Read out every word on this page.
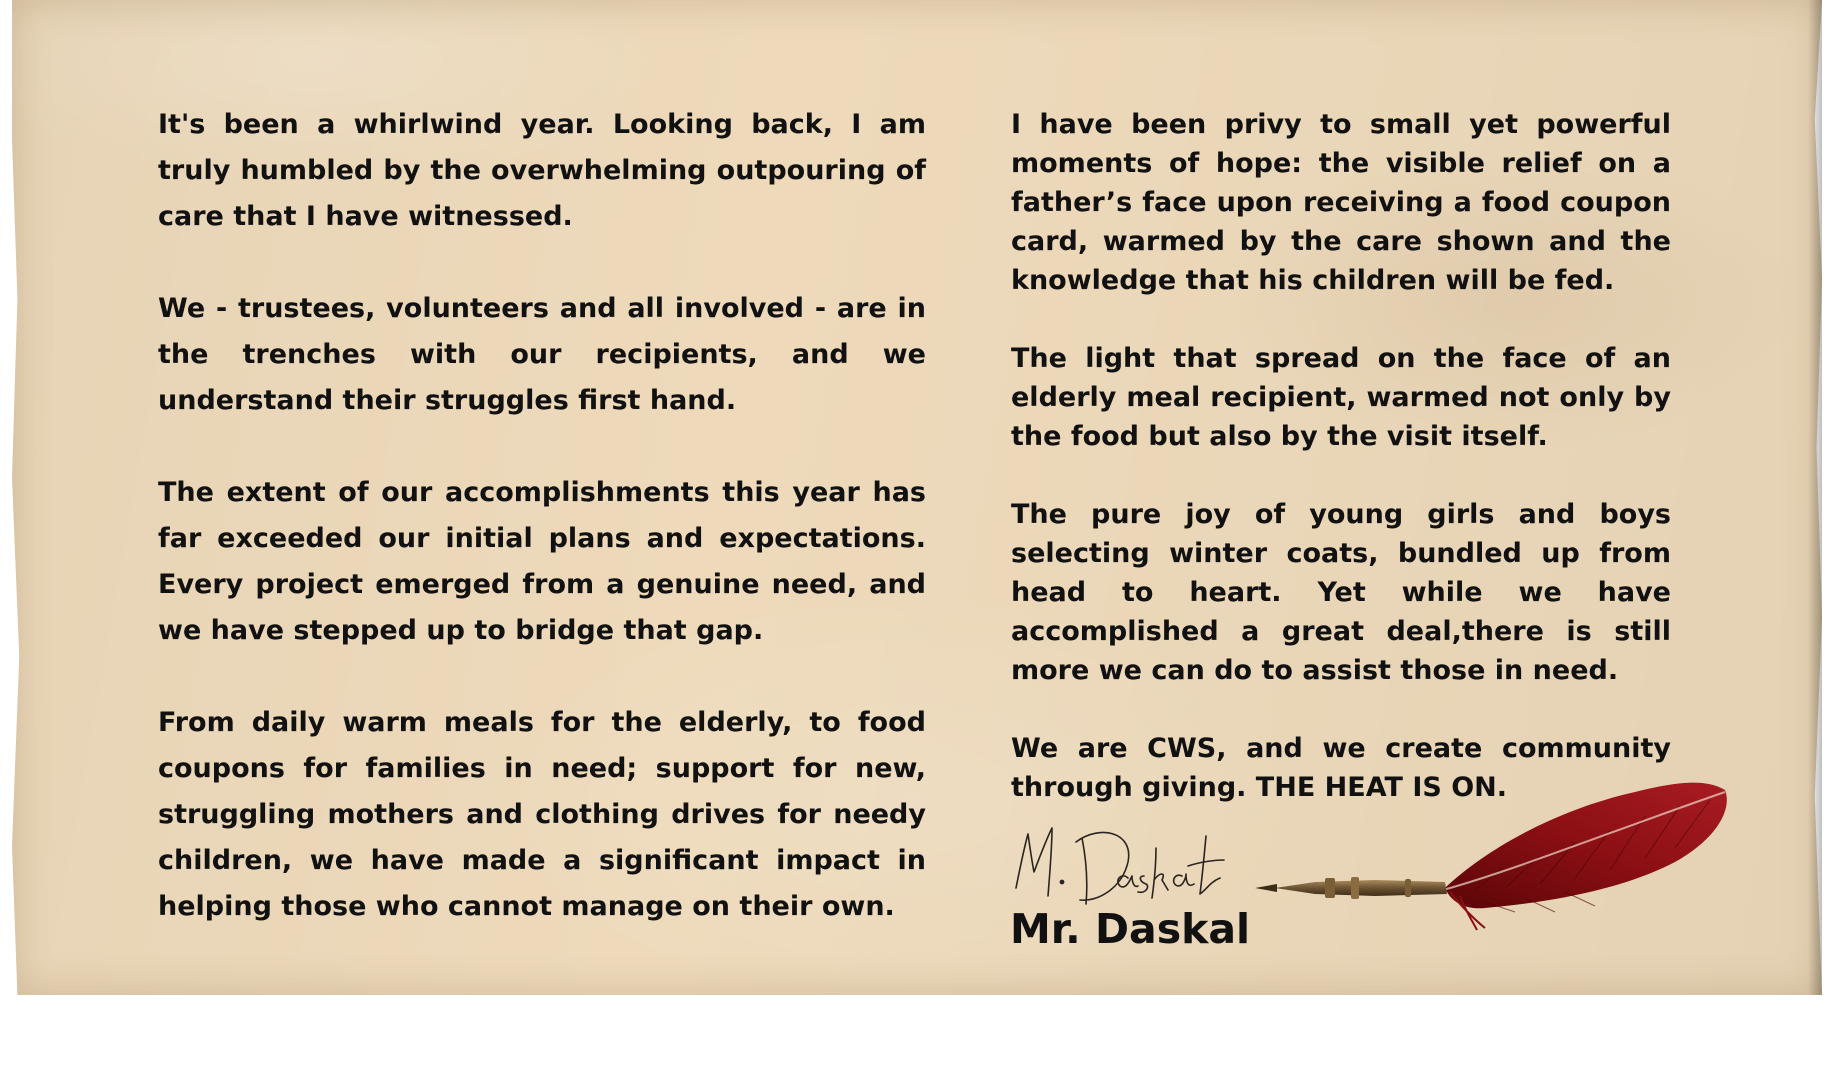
It's been a whirlwind year. Looking back, I am truly humbled by the overwhelming outpouring of care that I have witnessed.

We - trustees, volunteers and all involved - are in the trenches with our recipients, and we understand their struggles first hand.

The extent of our accomplishments this year has far exceeded our initial plans and expectations. Every project emerged from a genuine need, and we have stepped up to bridge that gap.

From daily warm meals for the elderly, to food coupons for families in need; support for new, struggling mothers and clothing drives for needy children, we have made a significant impact in helping those who cannot manage on their own.

I have been privy to small yet powerful moments of hope: the visible relief on a father’s face upon receiving a food coupon card, warmed by the care shown and the knowledge that his children will be fed.

The light that spread on the face of an elderly meal recipient, warmed not only by the food but also by the visit itself.

The pure joy of young girls and boys selecting winter coats, bundled up from head to heart. Yet while we have accomplished a great deal,there is still more we can do to assist those in need.

We are CWS, and we create community through giving. THE HEAT IS ON.

Mr. Daskal
